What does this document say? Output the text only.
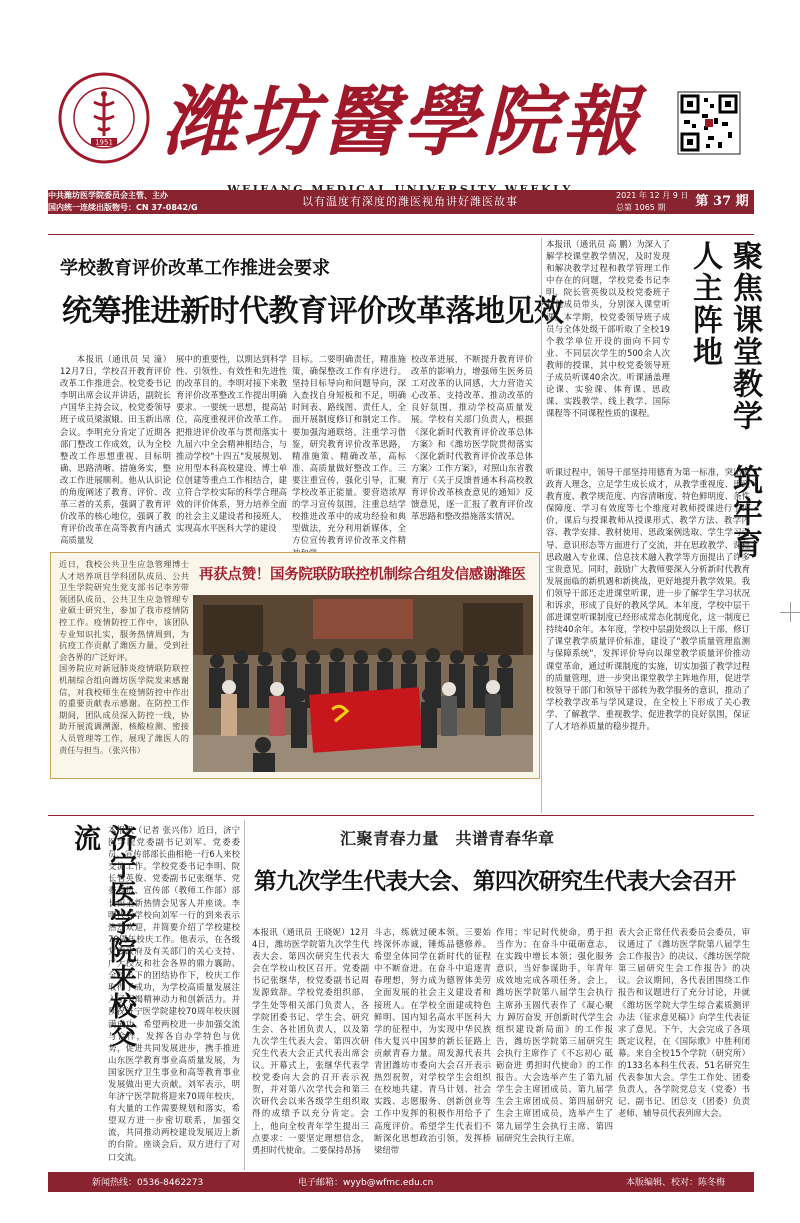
1951 潍坊醫學院報
中共潍坊医学院委员会主管、主办
国内统一连续出版物号：CN 37-0842/G	以有温度有深度的潍医视角讲好潍医故事	2021 年 12 月 9 日
总第 1065 期	第 37 期
学校教育评价改革工作推进会要求
统筹推进新时代教育评价改革落地见效
本报讯（通讯员 吴 潼）12月7日，学校召开教育评价改革工作推进会。校党委书记李明出席会议并讲话，副院长卢国华主持会议，校党委领导班子成员梁淑娥、田玉新出席会议。李明充分肯定了近期各部门整改工作成效，认为全校整改工作思想重视、目标明确、思路清晰、措施务实，整改工作进展顺利。他从认识论的角度阐述了教育、评价、改革三者的关系，强调了教育评价改革的核心地位，强调了教育评价改革在高等教育内涵式高质量发
展中的重要性，以期达到科学性、引领性、有效性和先进性的改革目的。李明对接下来教育评价改革整改工作提出明确要求。一要统一思想，提高站位，高度重视评价改革工作。把推进评价改革与贯彻落实十九届六中全会精神相结合，与推动学校"十四五"发展规划、应用型本科高校建设、博士单位创建等重点工作相结合，建立符合学校实际的科学合理高效的评价体系，努力培养全面的社会主义建设者和接班人，实现高水平医科大学的建设
目标。二要明确责任，精准施策，确保整改工作有序进行。坚持目标导向和问题导向，深入查找自身短板和不足，明确时间表、路线图、责任人，全面开展制度修订和制定工作。要加强沟通联络，注重学习借鉴，研究教育评价改革思路，精准施策、精确改革，高标准、高质量做好整改工作。三要注重宣传，强化引导，汇聚学校改革正能量。要营造浓厚的学习宣传氛围，注重总结学校推进改革中的成功经验和典型做法，充分利用新媒体，全方位宣传教育评价改革文件精
校改革进展，不断提升教育评价改革的影响力，增强师生医务员工对改革的认同感，大力营造关心改革、支持改革、推动改革的良好氛围，推动学校高质量发展。学校有关部门负责人，根据《深化新时代教育评价改革总体方案》和《潍坊医学院贯彻落实〈深化新时代教育评价改革总体方案〉工作方案》，对照山东省教育厅《关于反馈普通本科高校教育评价改革核查意见的通知》反馈意见，逐一汇报了教育评价改革思路和整改措施落实情况。
近日，我校公共卫生应急管理博士人才培养项目学科团队成员、公共卫生学院研究生党支部书记李芳带领团队成员、公共卫生应急管理专业硕士研究生，参加了我市疫情防控工作。疫情防控工作中，该团队专业知识扎实，服务热情周到，为抗疫工作贡献了潍医力量，受到社会各界的广泛好评。
国务院应对新冠肺炎疫情联防联控机制综合组向潍坊医学院发来感谢信，对我校师生在疫情防控中作出的重要贡献表示感谢。在防控工作期间，团队成员深入防控一线，协助开展流调溯源、核酸检测、密接人员管理等工作，展现了潍医人的责任与担当。（张兴伟）
再获点赞！国务院联防联控机制综合组发信感谢潍医
聚焦课堂教学　筑牢育人主阵地
本报讯（通讯员 高 鹏）为深入了解学校课堂教学情况，及时发现和解决教学过程和教学管理工作中存在的问题，学校党委书记李明、院长管英俊以及校党委班子其他成员带头，分别深入课堂听课。本学期，校党委领导班子成员与全体处级干部听取了全校19个教学单位开设的面向不同专业、不同层次学生的500余人次教师的授课，其中校党委领导班子成员听课40余次。听课涵盖理论课、实验课、体育课、思政课、实践教学、线上教学、国际课程等不同课程性质的课程。
听课过程中，领导干部坚持用德育为第一标准，突出思政育人理念，立足学生成长成才，从教学重视度、思政教育度、教学规范度、内容清晰度、特色鲜明度、条件保障度、学习有效度等七个维度对教师授课进行了评价，课后与授课教师从授课形式、教学方法、教学内容、教学安排、教材使用、思政案例选取、学生学习引导、意识形态等方面进行了交流，并在思政教学、课程思政融入专业课、信息技术融入教学等方面提出了许多宝贵意见。同时，鼓励广大教师要深入分析新时代教育发展面临的新机遇和新挑战，更好地提升教学效果。我们领导干部还走进课堂听课，进一步了解学生学习状况和诉求，形成了良好的教风学风。本年度，学校中层干部进课堂听课制度已经形成常态化制度化，这一制度已持续40余年。本年度，学校中层副处级以上干部，修订了课堂教学质量评价标准，建设了"教学质量管理监测与保障系统"，发挥评价导向以课堂教学质量评价推动课堂革命，通过听课制度的实施，切实加强了教学过程的质量管理，进一步突出课堂教学主阵地作用，促进学校领导干部门和领导干部转为教学服务的意识，推动了学校教学改革与学风建设，在全校上下形成了关心教学、了解教学、重视教学、促进教学的良好氛围，保证了人才培养质量的稳步提升。
济宁医学院来校交流 本报讯（记者 张兴伟）近日，济宁医学院党委副书记刘军、党委委员、宣传部部长曲相艳一行6人来校交流工作。学校党委书记李明、院长管英俊、党委副书记张继华、党委委员、宣传部（教师工作部）部长田玉新热情会见客人并座谈。李明代表学校向刘军一行的到来表示热烈欢迎，并简要介绍了学校建校70周年校庆工作。他表示，在各级党委政府及有关部门的关心支持、广大校友和社会各界的鼎力襄助、全校上下的团结协作下，校庆工作取得了成功，为学校高质量发展注入了不竭精神动力和创新活力。并预祝济宁医学院建校70周年校庆圆满成功。希望两校进一步加强交流与合作，发挥各自办学特色与优势，促进共同发展进步，携手推进山东医学教育事业高质量发展，为国家医疗卫生事业和高等教育事业发展做出更大贡献。刘军表示，明年济宁医学院将迎来70周年校庆，有大量的工作需要规划和落实，希望双方进一步密切联系，加强交流，共同推动两校建设发展迈上新的台阶。座谈会后，双方进行了对口交流。
汇聚青春力量　共谱青春华章
第九次学生代表大会、第四次研究生代表大会召开
本报讯（通讯员 王晓妮）12月4日，潍坊医学院第九次学生代表大会、第四次研究生代表大会在学校山校区召开。党委副书记张继华，校党委副书记周发源致辞。学校党委组织部、学生处等相关部门负责人，各学院团委书记、学生会、研究生会、各社团负责人，以及第九次学生代表大会、第四次研究生代表大会正式代表出席会议。开幕式上，张继华代表学校党委向大会的召开表示祝贺，并对第八次学代会和第三次研代会以来各级学生组织取得的成绩予以充分肯定。会上，他向全校青年学生提出三点要求：一要坚定理想信念，勇担时代使命。二要保持昂扬
斗志，练就过硬本领。三要始终深怀赤诚，锤炼品德修养。希望全体同学在新时代的征程中不断奋进。在奋斗中追逐青春理想，努力成为德智体美劳全面发展的社会主义建设者和接班人。在学校全面建成特色鲜明、国内知名高水平医科大学的征程中，为实现中华民族伟大复兴中国梦的新长征路上贡献青春力量。周发源代表共青团潍坊市委向大会召开表示热烈祝贺，对学校学生会组织在校地共建、青马计划、社会实践、志愿服务、创新创业等工作中发挥的积极作用给予了高度评价。希望学生代表们不断深化思想政治引领，发挥桥梁纽带
作用；牢记时代使命，勇于担当作为；在奋斗中砥砺意志，在实践中增长本领；强化服务意识，当好参谋助手，年青年成效地完成各项任务。会上，潍坊医学院第八届学生会执行主席孙玉圆代表作了《凝心聚力 踔厉奋发 开创新时代学生会组织建设新局面》的工作报告，潍坊医学院第三届研究生会执行主席作了《不忘初心 砥砺奋进 勇担时代使命》的工作报告。大会选举产生了第九届学生会主席团成员、第九届学生会主席团成员、第四届研究生会主席团成员，选举产生了第九届学生会执行主席、第四届研究生会执行主席。
表大会正常任代表委员会委员，审议通过了《潍坊医学院第八届学生会工作报告》的决议、《潍坊医学院第三届研究生会工作报告》的决议。会议期间，各代表团围绕工作报告和议题进行了充分讨论，并就《潍坊医学院大学生综合素质测评办法（征求意见稿）》向学生代表征求了意见。下午，大会完成了各项既定议程，在《国际歌》中胜利闭幕。来自全校15个学院（研究所）的133名本科生代表、51名研究生代表参加大会。学生工作处、团委负责人，各学院党总支（党委）书记、副书记、团总支（团委）负责老师、辅导员代表列席大会。
新闻热线：0536-8462273	电子邮箱：wyyb@wfmc.edu.cn	本版编辑、校对：陈冬梅
